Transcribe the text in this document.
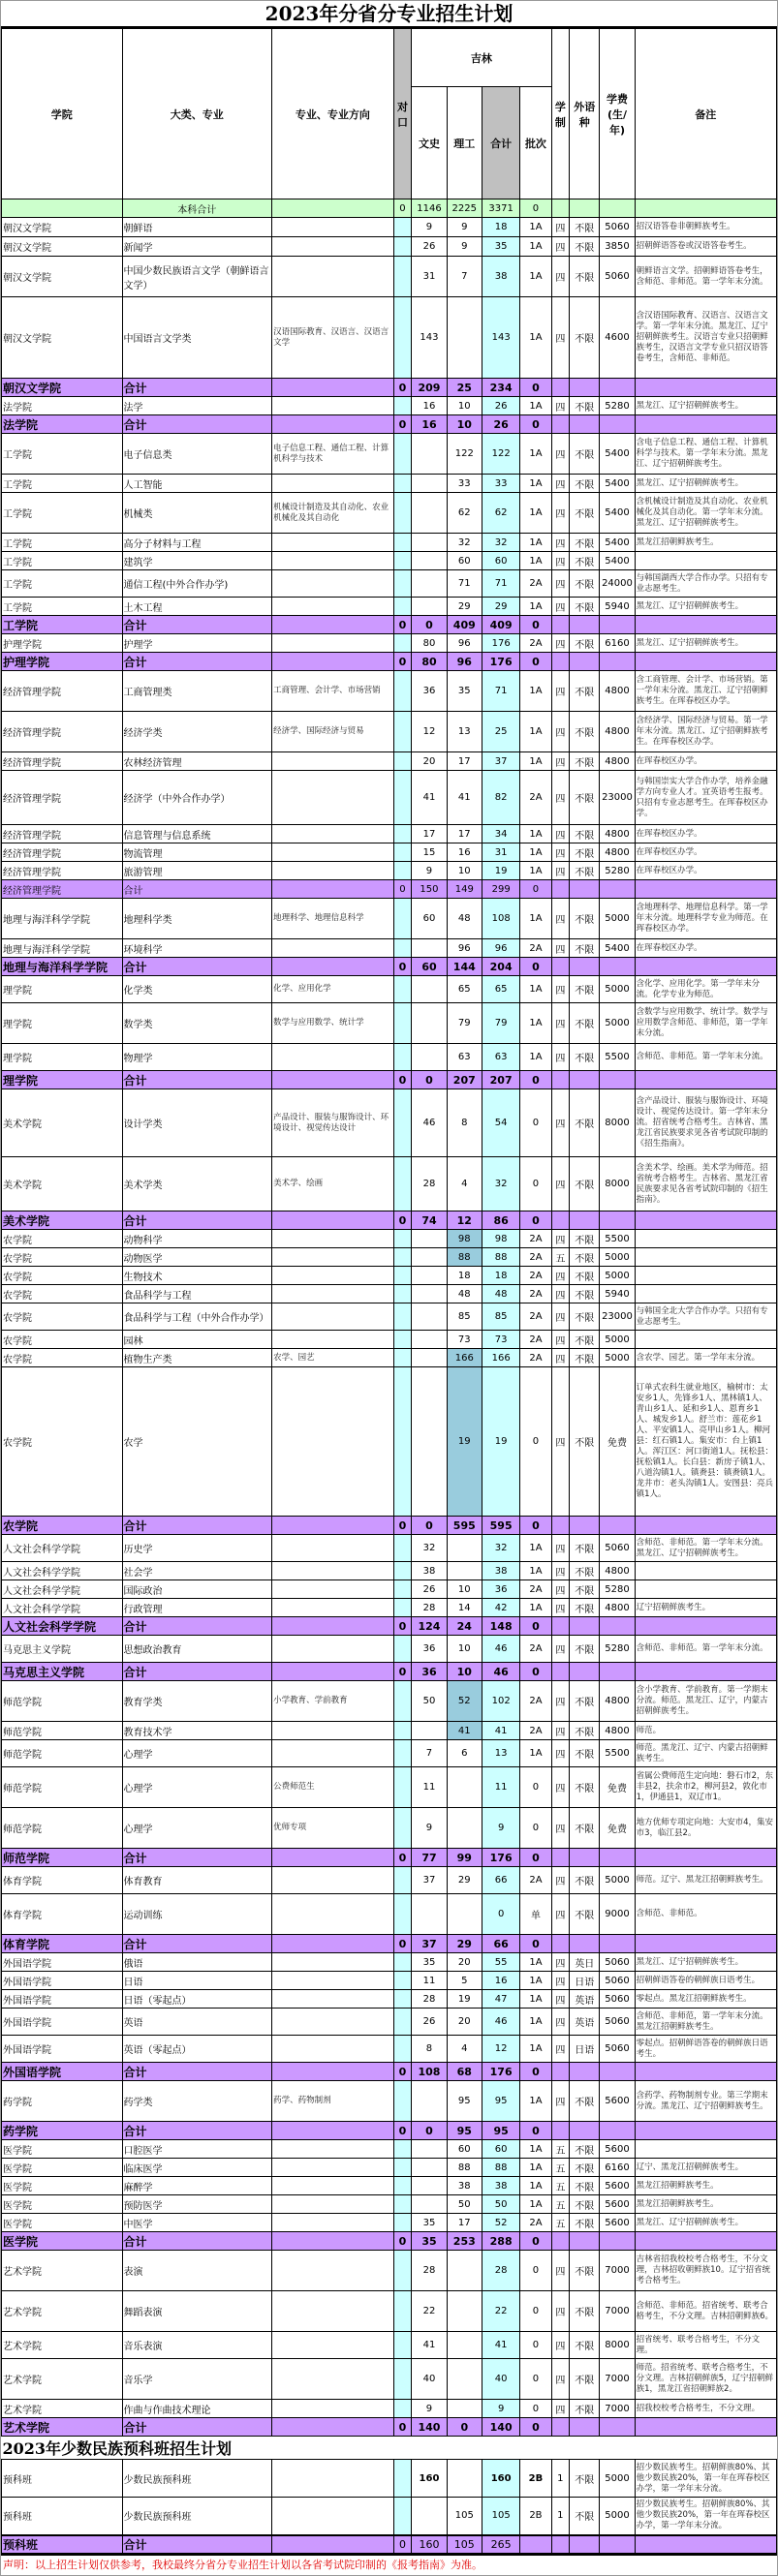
2023年分省分专业招生计划
学院	大类、专业	专业、专业方向	对口	吉林				学制	外语种	学费(生/年)	备注
				文史	理工	合计	批次				
	本科合计		0	1146	2225	3371	0				
朝汉文学院	朝鲜语			9	9	18	1A	四	不限	5060	招汉语答卷非朝鲜族考生。
朝汉文学院	新闻学			26	9	35	1A	四	不限	3850	招朝鲜语答卷或汉语答卷考生。
朝汉文学院	中国少数民族语言文学（朝鲜语言文学）			31	7	38	1A	四	不限	5060	朝鲜语言文学。招朝鲜语答卷考生，含师范、非师范。第一学年末分流。
朝汉文学院	中国语言文学类	汉语国际教育、汉语言、汉语言文学		143		143	1A	四	不限	4600	含汉语国际教育、汉语言、汉语言文学。第一学年末分流。黑龙江、辽宁招朝鲜族考生。汉语言专业只招朝鲜族考生，汉语言文学专业只招汉语答卷考生，含师范、非师范。
朝汉文学院	合计		0	209	25	234	0				
法学院	法学			16	10	26	1A	四	不限	5280	黑龙江、辽宁招朝鲜族考生。
法学院	合计		0	16	10	26	0				
工学院	电子信息类	电子信息工程、通信工程、计算机科学与技术			122	122	1A	四	不限	5400	含电子信息工程、通信工程、计算机科学与技术。第一学年末分流。黑龙江、辽宁招朝鲜族考生。
工学院	人工智能				33	33	1A	四	不限	5400	黑龙江、辽宁招朝鲜族考生。
工学院	机械类	机械设计制造及其自动化、农业机械化及其自动化			62	62	1A	四	不限	5400	含机械设计制造及其自动化、农业机械化及其自动化。第一学年末分流。黑龙江、辽宁招朝鲜族考生。
工学院	高分子材料与工程				32	32	1A	四	不限	5400	黑龙江招朝鲜族考生。
工学院	建筑学				60	60	1A	四	不限	5400	
工学院	通信工程(中外合作办学)				71	71	2A	四	不限	24000	与韩国湖西大学合作办学。只招有专业志愿考生。
工学院	土木工程				29	29	1A	四	不限	5940	黑龙江、辽宁招朝鲜族考生。
工学院	合计		0	0	409	409	0				
护理学院	护理学			80	96	176	2A	四	不限	6160	黑龙江、辽宁招朝鲜族考生。
护理学院	合计		0	80	96	176	0				
经济管理学院	工商管理类	工商管理、会计学、市场营销		36	35	71	1A	四	不限	4800	含工商管理、会计学、市场营销。第一学年末分流。黑龙江、辽宁招朝鲜族考生。在珲春校区办学。
经济管理学院	经济学类	经济学、国际经济与贸易		12	13	25	1A	四	不限	4800	含经济学、国际经济与贸易。第一学年末分流。黑龙江、辽宁招朝鲜族考生。在珲春校区办学。
经济管理学院	农林经济管理			20	17	37	1A	四	不限	4800	在珲春校区办学。
经济管理学院	经济学（中外合作办学）			41	41	82	2A	四	不限	23000	与韩国崇实大学合作办学，培养金融学方向专业人才。宜英语考生报考。只招有专业志愿考生。在珲春校区办学。
经济管理学院	信息管理与信息系统			17	17	34	1A	四	不限	4800	在珲春校区办学。
经济管理学院	物流管理			15	16	31	1A	四	不限	4800	在珲春校区办学。
经济管理学院	旅游管理			9	10	19	1A	四	不限	5280	在珲春校区办学。
经济管理学院	合计		0	150	149	299	0				
地理与海洋科学学院	地理科学类	地理科学、地理信息科学		60	48	108	1A	四	不限	5000	含地理科学、地理信息科学。第一学年末分流。地理科学专业为师范。在珲春校区办学。
地理与海洋科学学院	环境科学				96	96	2A	四	不限	5400	在珲春校区办学。
地理与海洋科学学院	合计		0	60	144	204	0				
理学院	化学类	化学、应用化学			65	65	1A	四	不限	5000	含化学、应用化学。第一学年末分流。化学专业为师范。
理学院	数学类	数学与应用数学、统计学			79	79	1A	四	不限	5000	含数学与应用数学、统计学。数学与应用数学含师范、非师范，第一学年末分流。
理学院	物理学				63	63	1A	四	不限	5500	含师范、非师范。第一学年末分流。
理学院	合计		0	0	207	207	0				
美术学院	设计学类	产品设计、服装与服饰设计、环境设计、视觉传达设计		46	8	54	0	四	不限	8000	含产品设计、服装与服饰设计、环境设计、视觉传达设计。第一学年末分流。招省统考合格考生。吉林省、黑龙江省民族要求见各省考试院印制的《招生指南》。
美术学院	美术学类	美术学、绘画		28	4	32	0	四	不限	8000	含美术学、绘画。美术学为师范。招省统考合格考生。吉林省、黑龙江省民族要求见各省考试院印制的《招生指南》。
美术学院	合计		0	74	12	86	0				
农学院	动物科学				98	98	2A	四	不限	5500	
农学院	动物医学				88	88	2A	五	不限	5000	
农学院	生物技术				18	18	2A	四	不限	5000	
农学院	食品科学与工程				48	48	2A	四	不限	5940	
农学院	食品科学与工程（中外合作办学）				85	85	2A	四	不限	23000	与韩国全北大学合作办学。只招有专业志愿考生。
农学院	园林				73	73	2A	四	不限	5000	
农学院	植物生产类	农学、园艺			166	166	2A	四	不限	5000	含农学、园艺。第一学年末分流。
农学院	农学				19	19	0	四	不限	免费	订单式农科生就业地区，榆树市：太安乡1人，先锋乡1人、黑林镇1人、青山乡1人、延和乡1人、恩育乡1人、城发乡1人。舒兰市：莲花乡1人、平安镇1人、亮甲山乡1人。柳河县：红石镇1人。集安市：台上镇1人。浑江区：河口街道1人。抚松县：抚松镇1人。长白县：新房子镇1人、八道沟镇1人。镇赉县：镇赉镇1人。龙井市：老头沟镇1人。安图县：亮兵镇1人。
农学院	合计		0	0	595	595	0				
人文社会科学学院	历史学			32		32	1A	四	不限	5060	含师范、非师范。第一学年末分流。黑龙江、辽宁招朝鲜族考生。
人文社会科学学院	社会学			38		38	1A	四	不限	4800	
人文社会科学学院	国际政治			26	10	36	2A	四	不限	5280	
人文社会科学学院	行政管理			28	14	42	1A	四	不限	4800	辽宁招朝鲜族考生。
人文社会科学学院	合计		0	124	24	148	0				
马克思主义学院	思想政治教育			36	10	46	2A	四	不限	5280	含师范、非师范。第一学年末分流。
马克思主义学院	合计		0	36	10	46	0				
师范学院	教育学类	小学教育、学前教育		50	52	102	2A	四	不限	4800	含小学教育、学前教育。第一学期末分流。师范。黑龙江、辽宁，内蒙古招朝鲜族考生。
师范学院	教育技术学				41	41	2A	四	不限	4800	师范。
师范学院	心理学			7	6	13	1A	四	不限	5500	师范。黑龙江、辽宁、内蒙古招朝鲜族考生。
师范学院	心理学	公费师范生		11		11	0	四	不限	免费	省属公费师范生定向地：磐石市2，东丰县2，扶余市2，柳河县2，敦化市1，伊通县1，双辽市1。
师范学院	心理学	优师专项		9		9	0	四	不限	免费	地方优师专项定向地：大安市4，集安市3，临江县2。
师范学院	合计		0	77	99	176	0				
体育学院	体育教育			37	29	66	2A	四	不限	5000	师范。辽宁、黑龙江招朝鲜族考生。
体育学院	运动训练					0	单	四	不限	9000	含师范、非师范。
体育学院	合计		0	37	29	66	0				
外国语学院	俄语			35	20	55	1A	四	英日	5060	黑龙江、辽宁招朝鲜族考生。
外国语学院	日语			11	5	16	1A	四	日语	5060	招朝鲜语答卷的朝鲜族日语考生。
外国语学院	日语（零起点）			28	19	47	1A	四	英语	5060	零起点。黑龙江招朝鲜族考生。
外国语学院	英语			26	20	46	1A	四	英语	5060	含师范、非师范，第一学年末分流。黑龙江招朝鲜族考生。
外国语学院	英语（零起点）			8	4	12	1A	四	日语	5060	零起点。招朝鲜语答卷的朝鲜族日语考生。
外国语学院	合计		0	108	68	176	0				
药学院	药学类	药学、药物制剂			95	95	1A	四	不限	5600	含药学、药物制剂专业。第三学期末分流。黑龙江、辽宁招朝鲜族考生。
药学院	合计		0	0	95	95	0				
医学院	口腔医学				60	60	1A	五	不限	5600	
医学院	临床医学				88	88	1A	五	不限	6160	辽宁、黑龙江招朝鲜族考生。
医学院	麻醉学				38	38	1A	五	不限	5600	黑龙江招朝鲜族考生。
医学院	预防医学				50	50	1A	五	不限	5600	黑龙江招朝鲜族考生。
医学院	中医学			35	17	52	2A	五	不限	5600	黑龙江、辽宁招朝鲜族考生。
医学院	合计		0	35	253	288	0				
艺术学院	表演			28		28	0	四	不限	7000	吉林省招我校校考合格考生，不分文理，吉林招收朝鲜族10。辽宁招省统考合格考生。
艺术学院	舞蹈表演			22		22	0	四	不限	7000	含师范、非师范。招省统考、联考合格考生，不分文理。吉林招朝鲜族6。
艺术学院	音乐表演			41		41	0	四	不限	8000	招省统考、联考合格考生，不分文理。
艺术学院	音乐学			40		40	0	四	不限	7000	师范。招省统考、联考合格考生，不分文理。吉林招朝鲜族5，辽宁招朝鲜族1，黑龙江省招朝鲜族2。
艺术学院	作曲与作曲技术理论			9		9	0	四	不限	7000	招我校校考合格考生，不分文理。
艺术学院	合计		0	140	0	140	0				
2023年少数民族预科班招生计划											
预科班	少数民族预科班			160		160	2B	1	不限	5000	招少数民族考生。招朝鲜族80%、其他少数民族20%，第一年在珲春校区办学，第一学年末分流。
预科班	少数民族预科班				105	105	2B	1	不限	5000	招少数民族考生。招朝鲜族80%、其他少数民族20%，第一年在珲春校区办学，第一学年末分流。
预科班	合计		0	160	105	265					
声明：以上招生计划仅供参考，我校最终分省分专业招生计划以各省考试院印制的《报考指南》为准。
